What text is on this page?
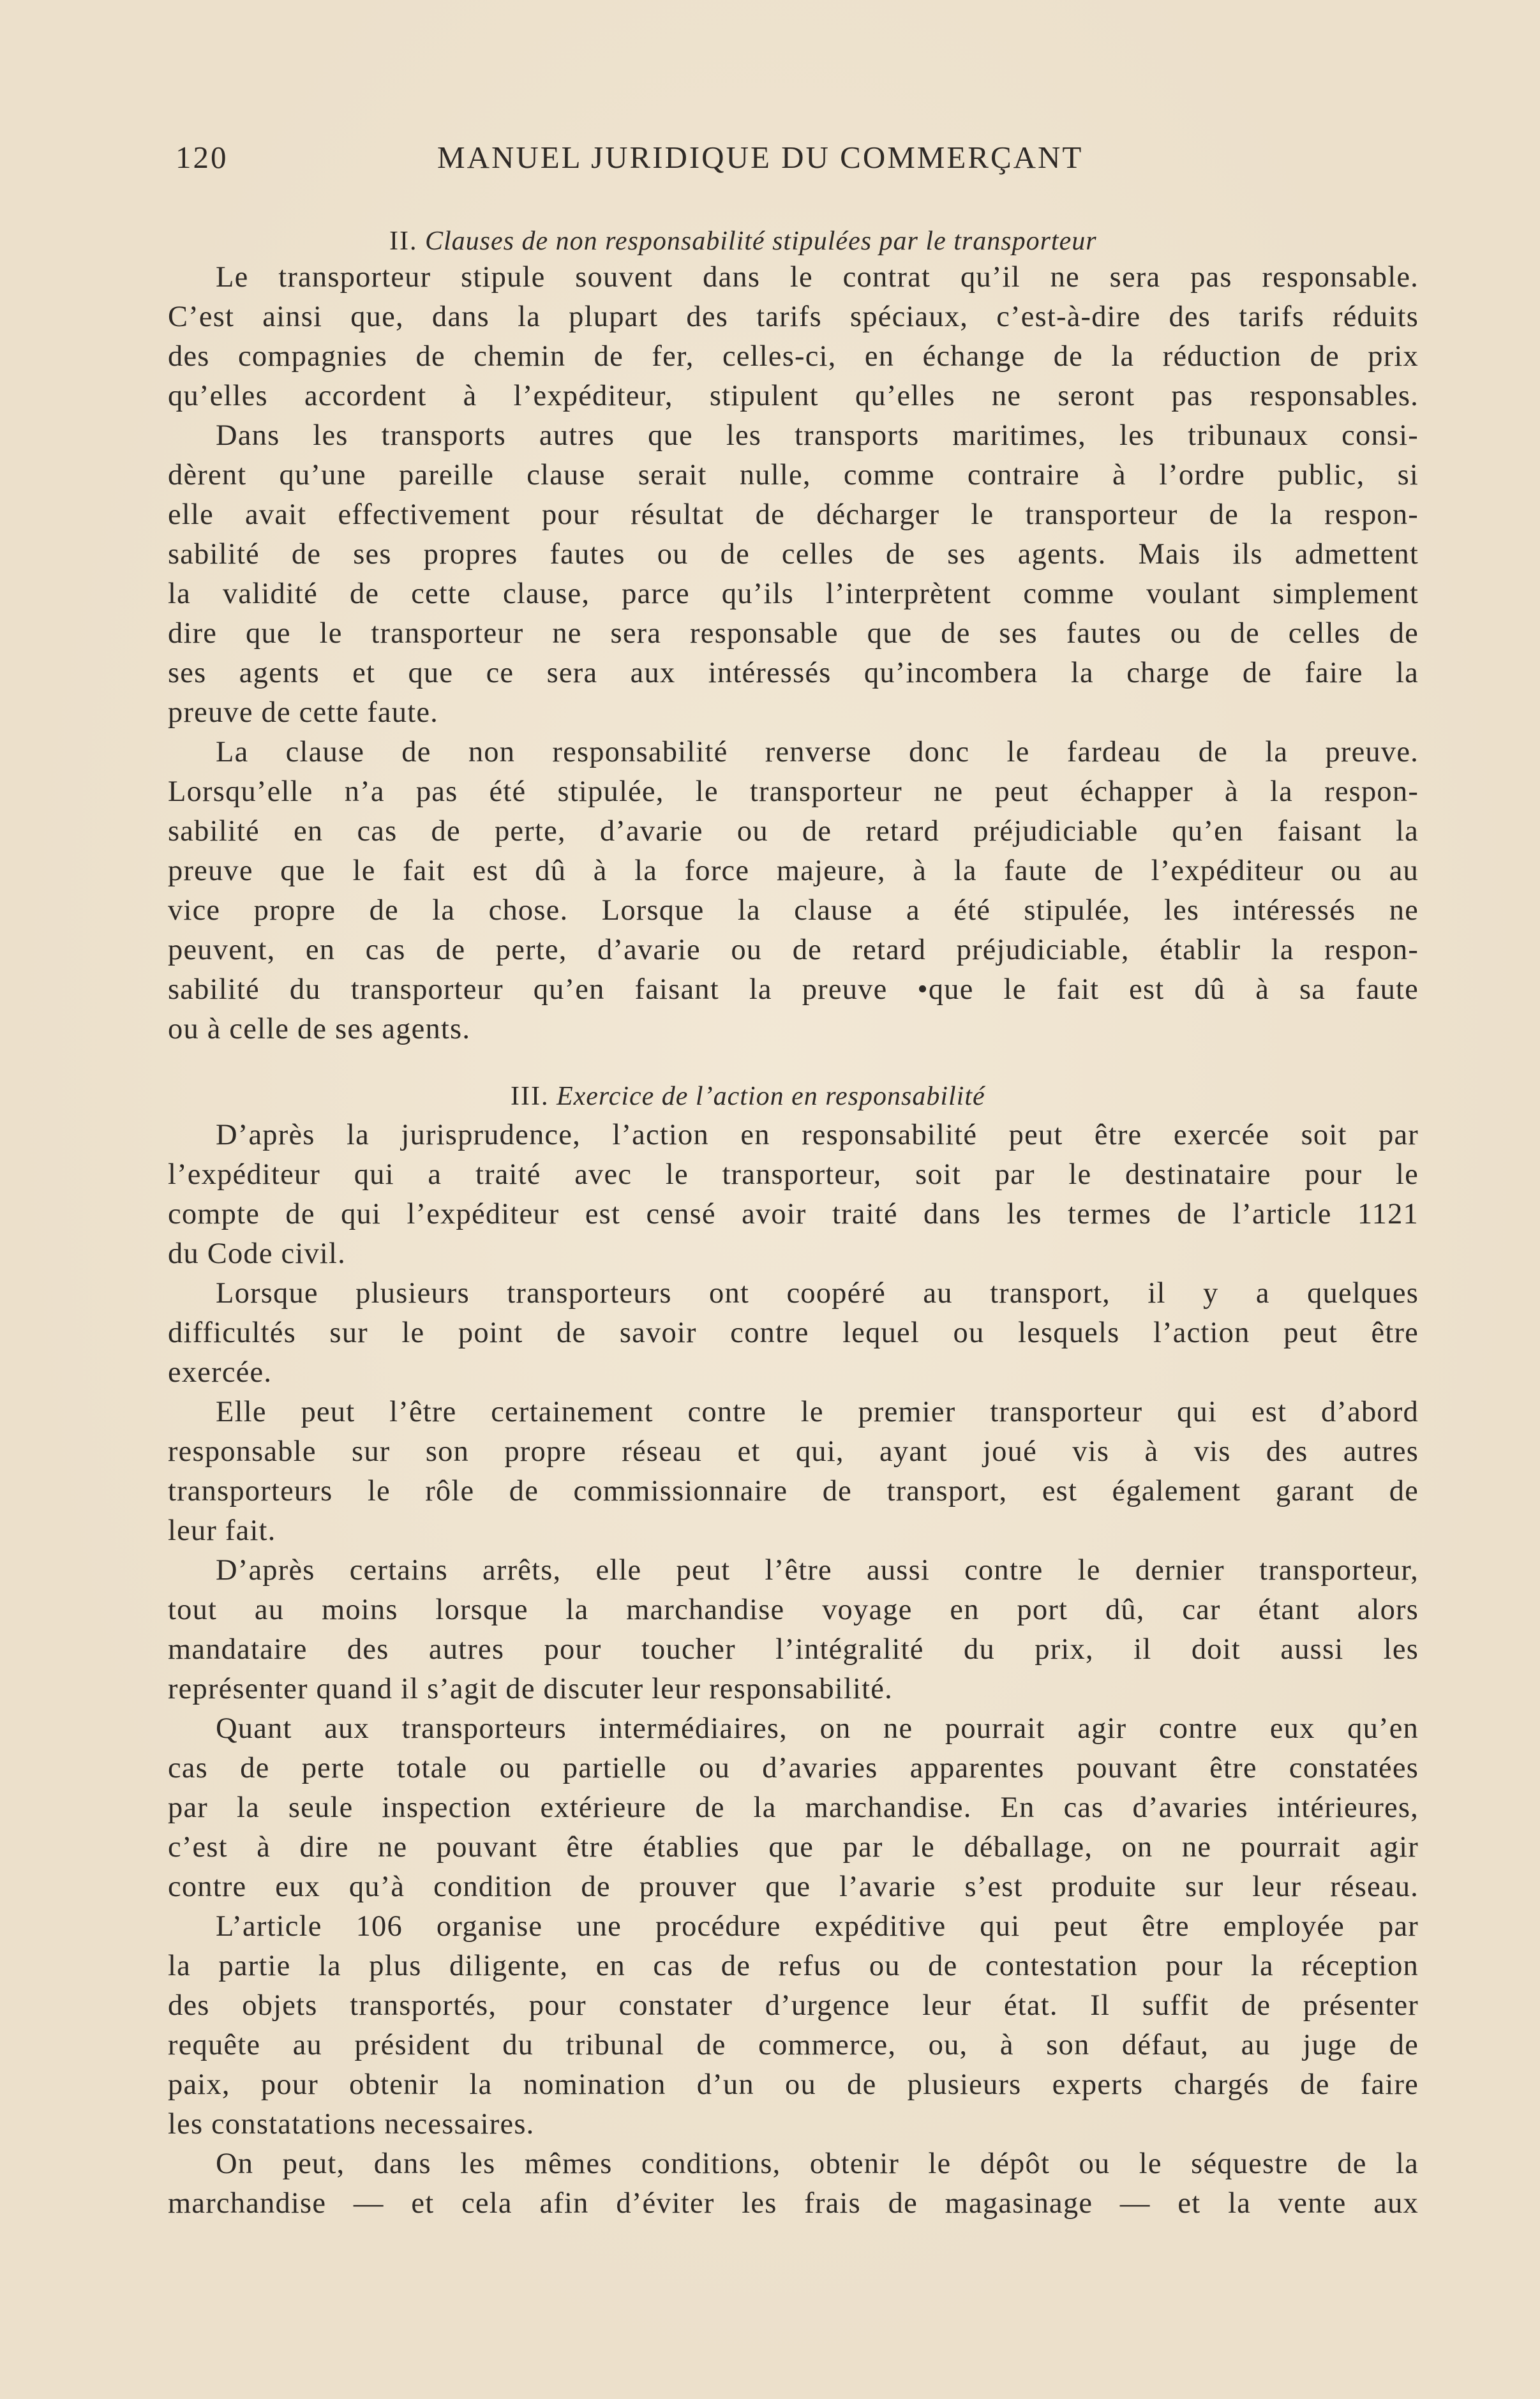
120	MANUEL JURIDIQUE DU COMMERÇANT
II. Clauses de non responsabilité stipulées par le transporteur
Le transporteur stipule souvent dans le contrat qu’il ne sera pas responsable.
C’est ainsi que, dans la plupart des tarifs spéciaux, c’est-à-dire des tarifs réduits
des compagnies de chemin de fer, celles-ci, en échange de la réduction de prix
qu’elles accordent à l’expéditeur, stipulent qu’elles ne seront pas responsables.
Dans les transports autres que les transports maritimes, les tribunaux consi-
dèrent qu’une pareille clause serait nulle, comme contraire à l’ordre public, si
elle avait effectivement pour résultat de décharger le transporteur de la respon-
sabilité de ses propres fautes ou de celles de ses agents. Mais ils admettent
la validité de cette clause, parce qu’ils l’interprètent comme voulant simplement
dire que le transporteur ne sera responsable que de ses fautes ou de celles de
ses agents et que ce sera aux intéressés qu’incombera la charge de faire la
preuve de cette faute.
La clause de non responsabilité renverse donc le fardeau de la preuve.
Lorsqu’elle n’a pas été stipulée, le transporteur ne peut échapper à la respon-
sabilité en cas de perte, d’avarie ou de retard préjudiciable qu’en faisant la
preuve que le fait est dû à la force majeure, à la faute de l’expéditeur ou au
vice propre de la chose. Lorsque la clause a été stipulée, les intéressés ne
peuvent, en cas de perte, d’avarie ou de retard préjudiciable, établir la respon-
sabilité du transporteur qu’en faisant la preuve •que le fait est dû à sa faute
ou à celle de ses agents.
III. Exercice de l’action en responsabilité
D’après la jurisprudence, l’action en responsabilité peut être exercée soit par
l’expéditeur qui a traité avec le transporteur, soit par le destinataire pour le
compte de qui l’expéditeur est censé avoir traité dans les termes de l’article 1121
du Code civil.
Lorsque plusieurs transporteurs ont coopéré au transport, il y a quelques
difficultés sur le point de savoir contre lequel ou lesquels l’action peut être
exercée.
Elle peut l’être certainement contre le premier transporteur qui est d’abord
responsable sur son propre réseau et qui, ayant joué vis à vis des autres
transporteurs le rôle de commissionnaire de transport, est également garant de
leur fait.
D’après certains arrêts, elle peut l’être aussi contre le dernier transporteur,
tout au moins lorsque la marchandise voyage en port dû, car étant alors
mandataire des autres pour toucher l’intégralité du prix, il doit aussi les
représenter quand il s’agit de discuter leur responsabilité.
Quant aux transporteurs intermédiaires, on ne pourrait agir contre eux qu’en
cas de perte totale ou partielle ou d’avaries apparentes pouvant être constatées
par la seule inspection extérieure de la marchandise. En cas d’avaries intérieures,
c’est à dire ne pouvant être établies que par le déballage, on ne pourrait agir
contre eux qu’à condition de prouver que l’avarie s’est produite sur leur réseau.
L’article 106 organise une procédure expéditive qui peut être employée par
la partie la plus diligente, en cas de refus ou de contestation pour la réception
des objets transportés, pour constater d’urgence leur état. Il suffit de présenter
requête au président du tribunal de commerce, ou, à son défaut, au juge de
paix, pour obtenir la nomination d’un ou de plusieurs experts chargés de faire
les constatations necessaires.
On peut, dans les mêmes conditions, obtenir le dépôt ou le séquestre de la
marchandise — et cela afin d’éviter les frais de magasinage — et la vente aux
